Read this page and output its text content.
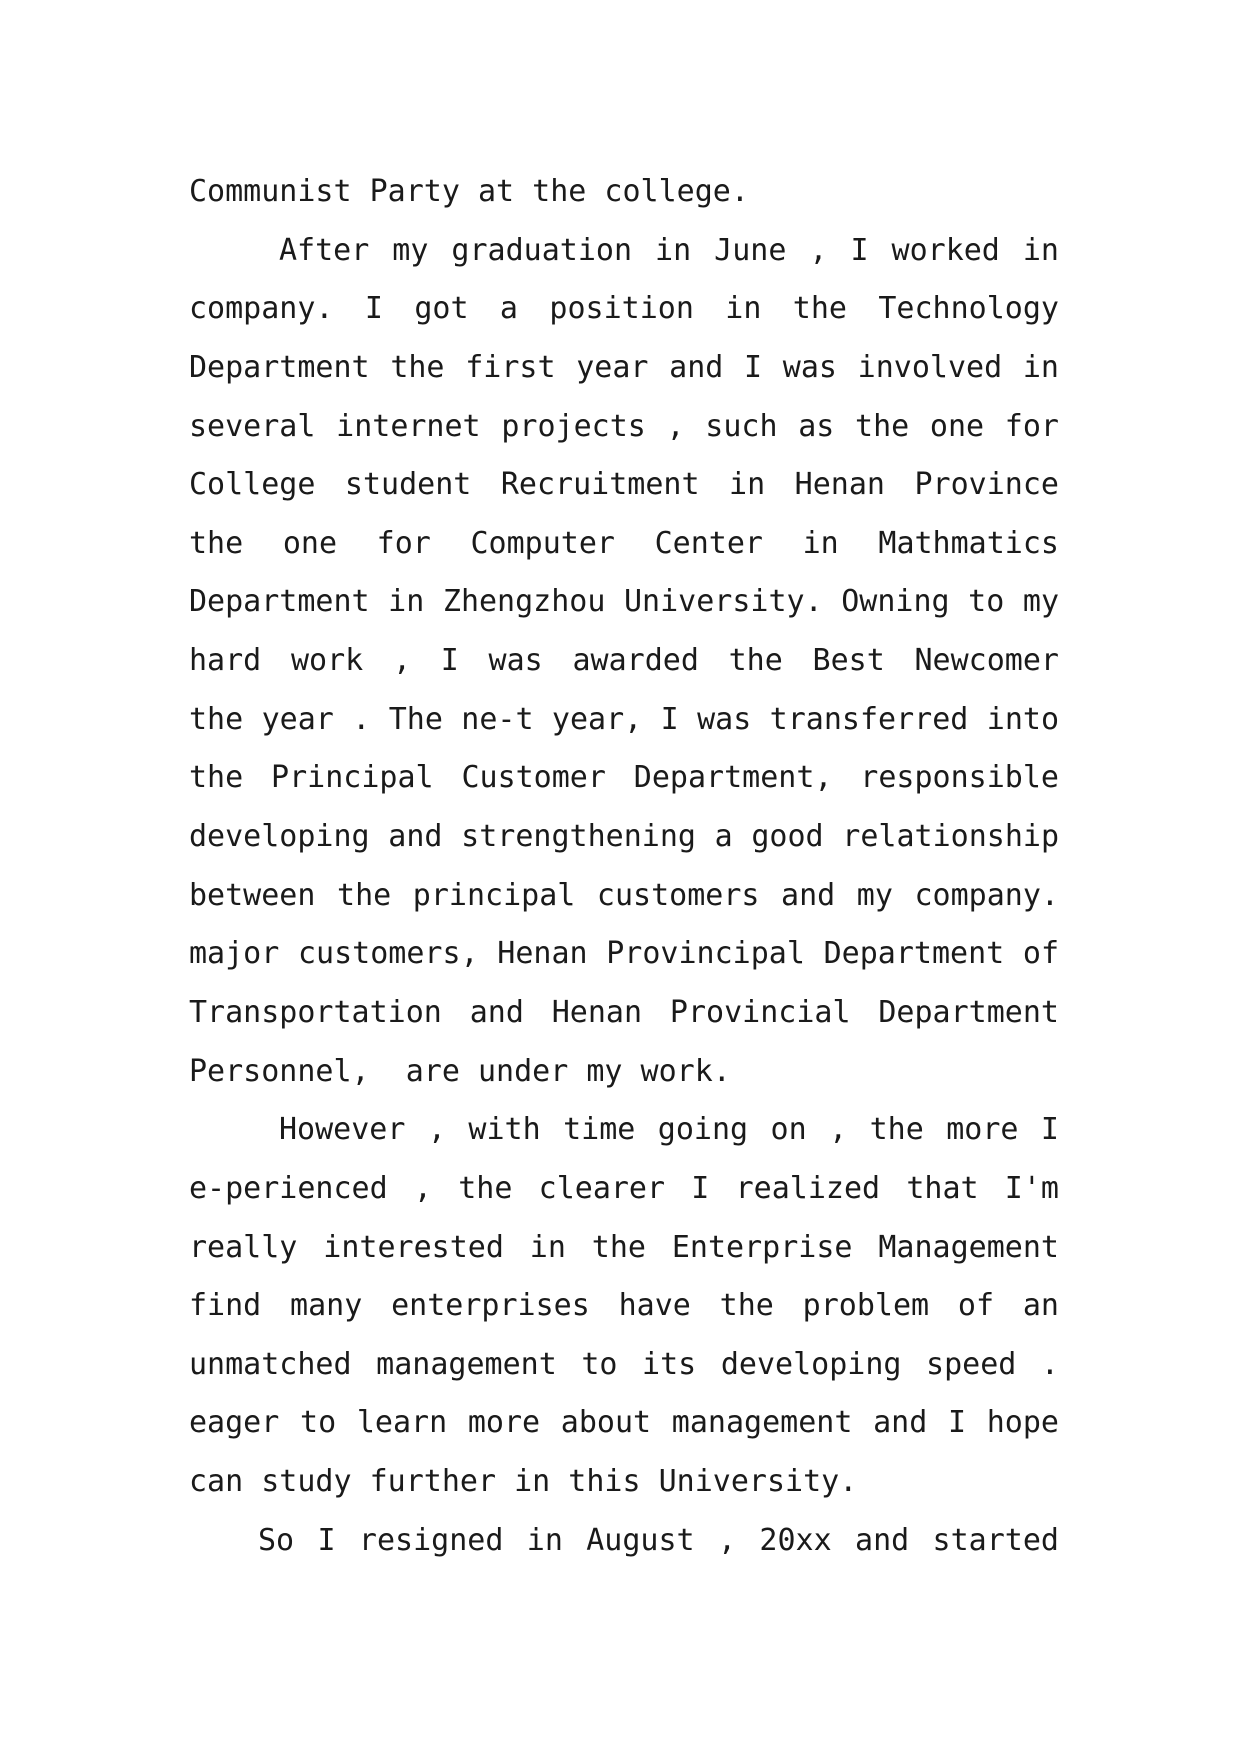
Communist Party at the college.
After my graduation in June , I worked in
company. I got a position in the Technology
Department the first year and I was involved in
several internet projects , such as the one for
College student Recruitment in Henan Province
the one for Computer Center in Mathmatics
Department in Zhengzhou University. Owning to my
hard work , I was awarded the Best Newcomer
the year . The ne-t year, I was transferred into
the Principal Customer Department, responsible
developing and strengthening a good relationship
between the principal customers and my company.
major customers, Henan Provincipal Department of
Transportation and Henan Provincial Department
Personnel,  are under my work.
However , with time going on , the more I
e-perienced , the clearer I realized that I'm
really interested in the Enterprise Management
find many enterprises have the problem of an
unmatched management to its developing speed .
eager to learn more about management and I hope
can study further in this University.
So I resigned in August , 20xx and started
